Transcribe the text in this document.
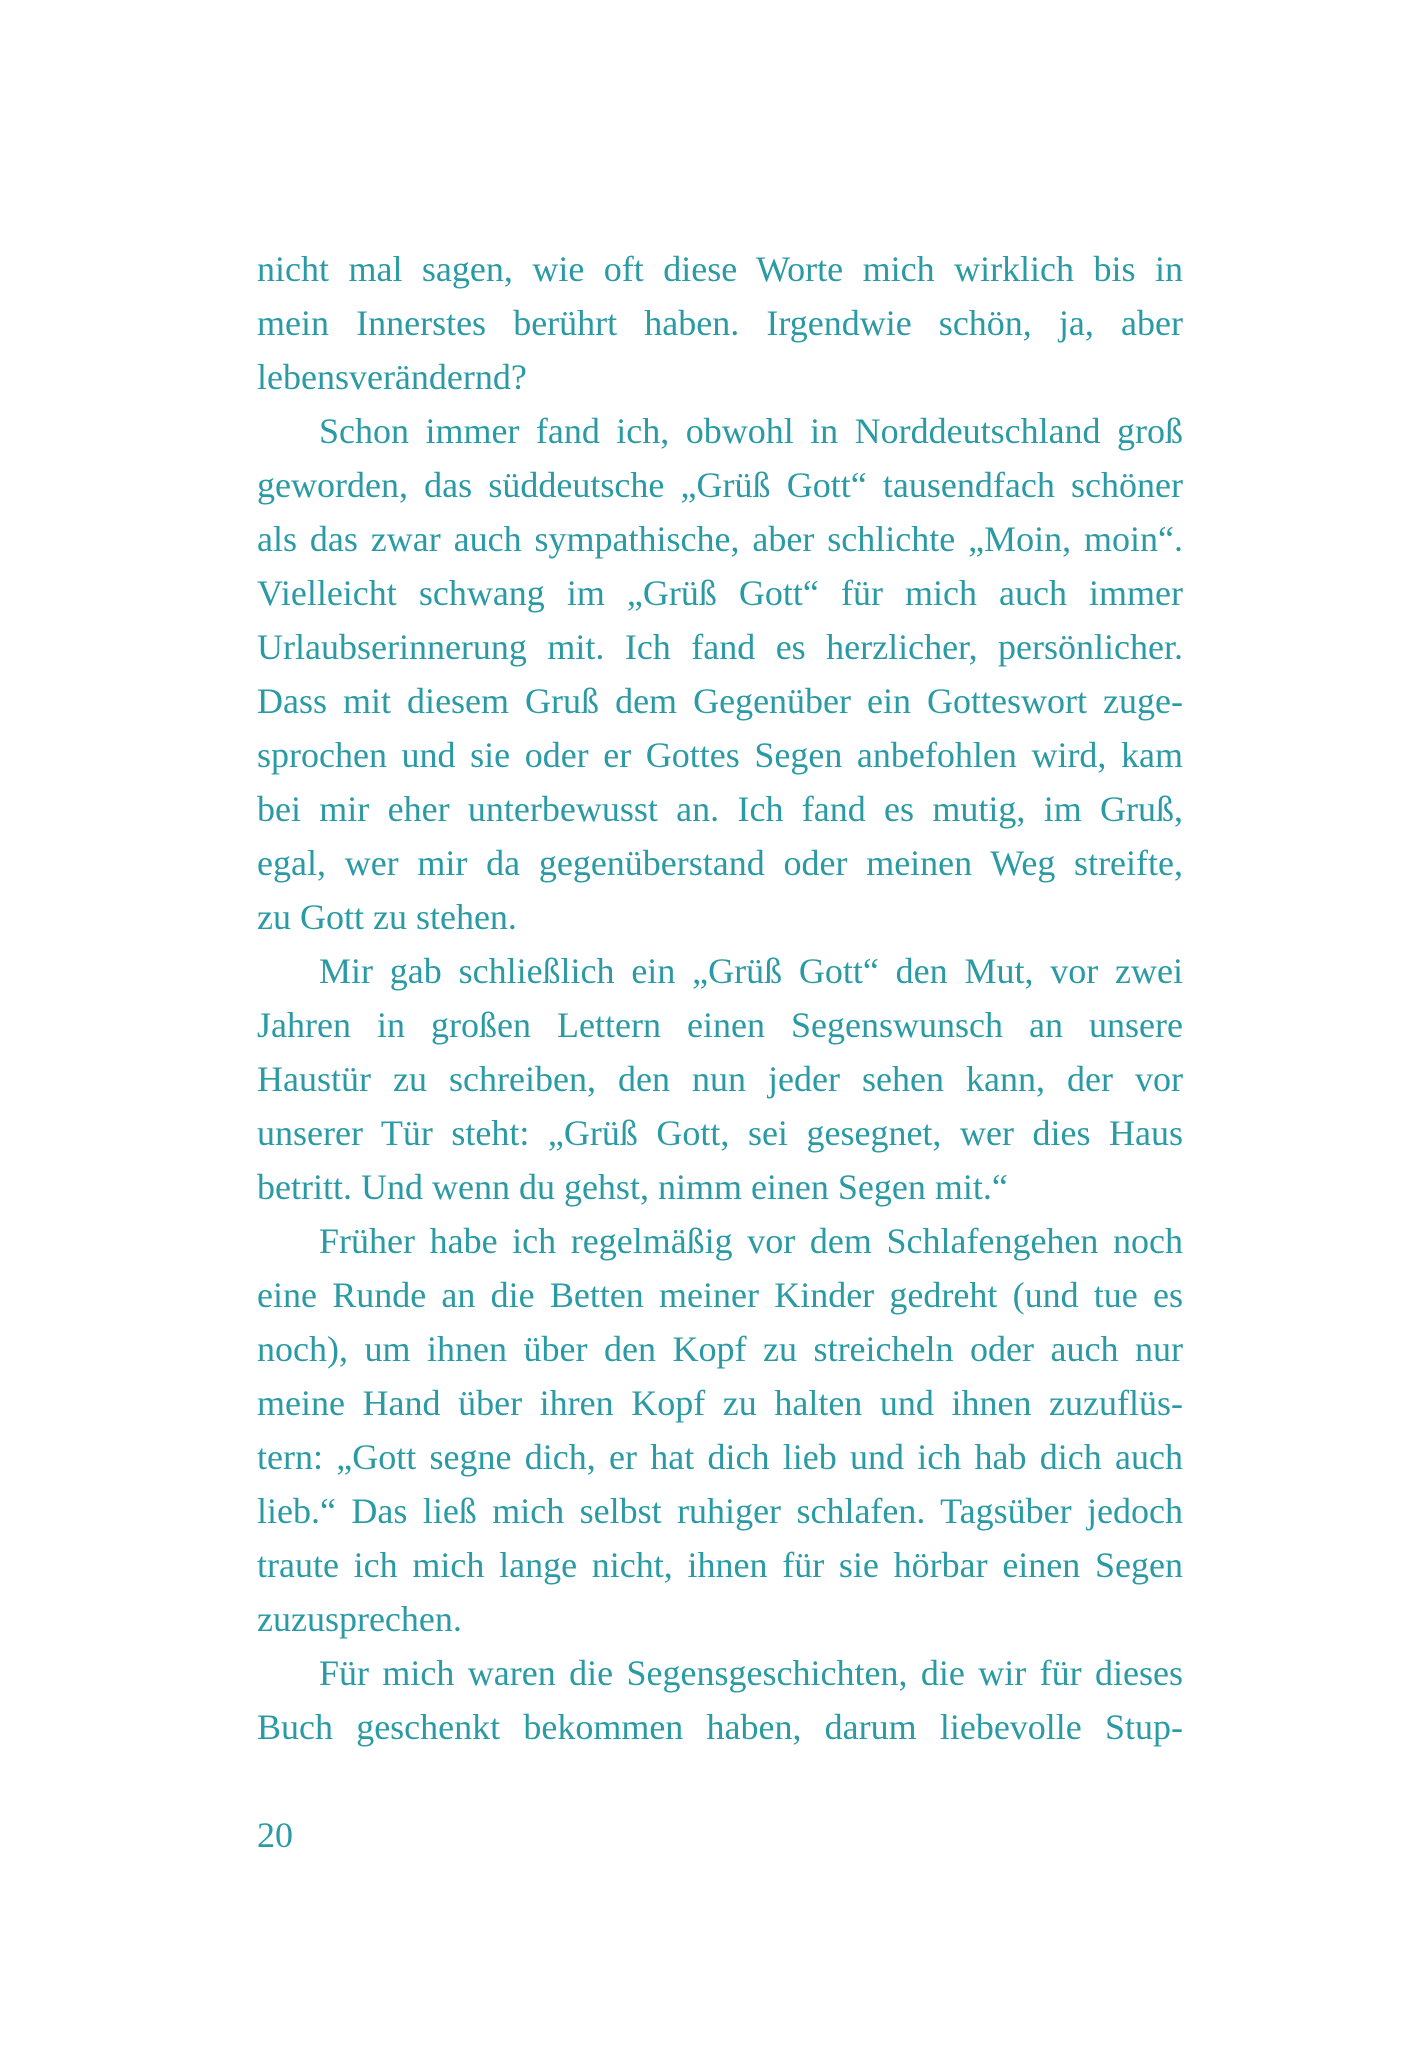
nicht mal sagen, wie oft diese Worte mich wirklich bis in
mein Innerstes berührt haben. Irgendwie schön, ja, aber
lebensverändernd?
Schon immer fand ich, obwohl in Norddeutschland groß
geworden, das süddeutsche „Grüß Gott“ tausendfach schöner
als das zwar auch sympathische, aber schlichte „Moin, moin“.
Vielleicht schwang im „Grüß Gott“ für mich auch immer
Urlaubserinnerung mit. Ich fand es herzlicher, persönlicher.
Dass mit diesem Gruß dem Gegenüber ein Gotteswort zuge-
sprochen und sie oder er Gottes Segen anbefohlen wird, kam
bei mir eher unterbewusst an. Ich fand es mutig, im Gruß,
egal, wer mir da gegenüberstand oder meinen Weg streifte,
zu Gott zu stehen.
Mir gab schließlich ein „Grüß Gott“ den Mut, vor zwei
Jahren in großen Lettern einen Segenswunsch an unsere
Haustür zu schreiben, den nun jeder sehen kann, der vor
unserer Tür steht: „Grüß Gott, sei gesegnet, wer dies Haus
betritt. Und wenn du gehst, nimm einen Segen mit.“
Früher habe ich regelmäßig vor dem Schlafengehen noch
eine Runde an die Betten meiner Kinder gedreht (und tue es
noch), um ihnen über den Kopf zu streicheln oder auch nur
meine Hand über ihren Kopf zu halten und ihnen zuzuflüs-
tern: „Gott segne dich, er hat dich lieb und ich hab dich auch
lieb.“ Das ließ mich selbst ruhiger schlafen. Tagsüber jedoch
traute ich mich lange nicht, ihnen für sie hörbar einen Segen
zuzusprechen.
Für mich waren die Segensgeschichten, die wir für dieses
Buch geschenkt bekommen haben, darum liebevolle Stup-
20
